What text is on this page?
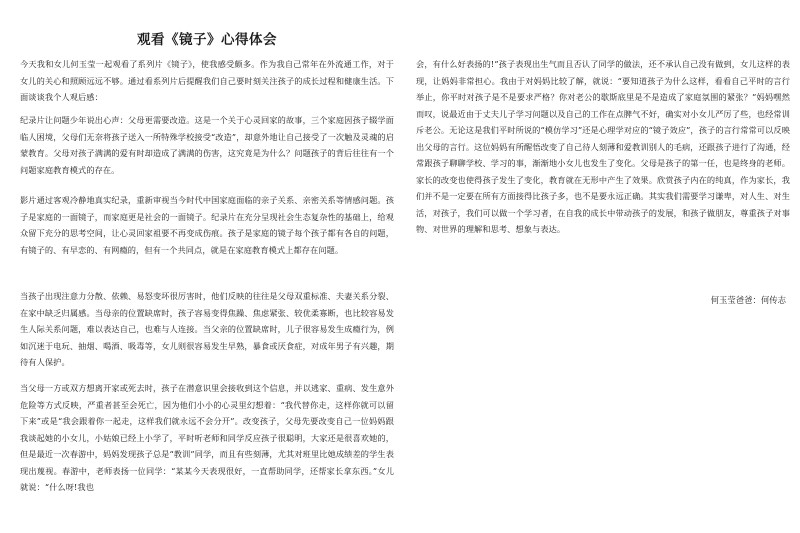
观看《镜子》心得体会

今天我和女儿何玉莹一起观看了系列片《镜子》，使我感受颇多。作为我自己常年在外流通工作，对于女儿的关心和照顾远远不够。通过看系列片后提醒我们自己要时刻关注孩子的成长过程和健康生活。下面谈谈我个人观后感：

纪录片让问题少年说出心声：父母更需要改造。这是一个关于心灵回家的故事，三个家庭因孩子辍学面临人困境，父母们无奈将孩子送入一所特殊学校接受“改造”，却意外地让自己接受了一次触及灵魂的启蒙教育。父母对孩子满满的爱有时却造成了满满的伤害，这究竟是为什么？问题孩子的背后往往有一个问题家庭教育模式的存在。

影片通过客观冷静地真实纪录，重新审视当今时代中国家庭面临的亲子关系、亲密关系等情感问题。孩子是家庭的一面镜子，而家庭更是社会的一面镜子。纪录片在充分呈现社会生态复杂性的基础上，给观众留下充分的思考空间，让心灵回家祖要不再变成伤痕。孩子是家庭的镜子每个孩子都有各自的问题，有镜子的、有早恋的、有网瘾的，但有一个共同点，就是在家庭教育模式上都存在问题。

当孩子出现注意力分散、依赖、易怒变坏很厉害时，他们反映的往往是父母双重标准、夫妻关系分裂、在家中缺乏归属感。当母亲的位置缺席时，孩子容易变得焦躁、焦虑紧张、较优柔寡断，也比较容易发生人际关系问题，难以表达自己，也难与人连接。当父亲的位置缺席时，儿子很容易发生成瘾行为，例如沉迷于电玩、抽烟、喝酒、吸毒等，女儿则很容易发生早熟，暴食或厌食症，对成年男子有兴趣，期待有人保护。

当父母一方或双方想离开家或死去时，孩子在潜意识里会接收到这个信息，并以逃家、重病、发生意外危险等方式反映，严重者甚至会死亡，因为他们小小的心灵里幻想着：“我代替你走，这样你就可以留下来”或是“我会跟着你一起走，这样我们就永远不会分开”。改变孩子，父母先要改变自己一位妈妈跟我谈起她的小女儿，小姑娘已经上小学了，平时听老师和同学反应孩子很聪明，大家还是很喜欢她的，但是最近一次春游中，妈妈发现孩子总是“教训”同学，而且有些刻薄，尤其对班里比她成绩差的学生表现出蔑视。春游中，老师表扬一位同学：“某某今天表现很好，一直帮助同学，还帮家长拿东西。”女儿就说：“什么呀!我也

会，有什么好表扬的!”孩子表现出生气而且否认了同学的做法，还不承认自己没有做到，女儿这样的表现，让妈妈非常担心。我由于对妈妈比较了解，就说：“要知道孩子为什么这样，看看自己平时的言行举止，你平时对孩子是不是要求严格？你对老公的歇斯底里是不是造成了家庭氛围的紧张？”妈妈嘿然而叹，说最近由于丈夫儿子学习问题以及自己的工作在点脾气不好，确实对小女儿严厉了些，也经常训斥老公。无论这是我们平时所说的“模仿学习”还是心理学对应的“镜子效应”，孩子的言行常常可以反映出父母的言行。这位妈妈有所醒悟改变了自己待人刻薄和爱教训别人的毛病，还跟孩子进行了沟通，经常跟孩子聊聊学校、学习的事，渐渐地小女儿也发生了变化。父母是孩子的第一任，也是终身的老师。家长的改变也使得孩子发生了变化，教育就在无形中产生了效果。欣赏孩子内在的纯真，作为家长，我们并不是一定要在所有方面接得比孩子多，也不是要永远正确。其实我们需要学习谦卑，对人生、对生活，对孩子，我们可以做一个学习者，在自我的成长中带动孩子的发展，和孩子做朋友，尊重孩子对事物、对世界的理解和思考、想象与表达。

何玉莹爸爸：何传志
